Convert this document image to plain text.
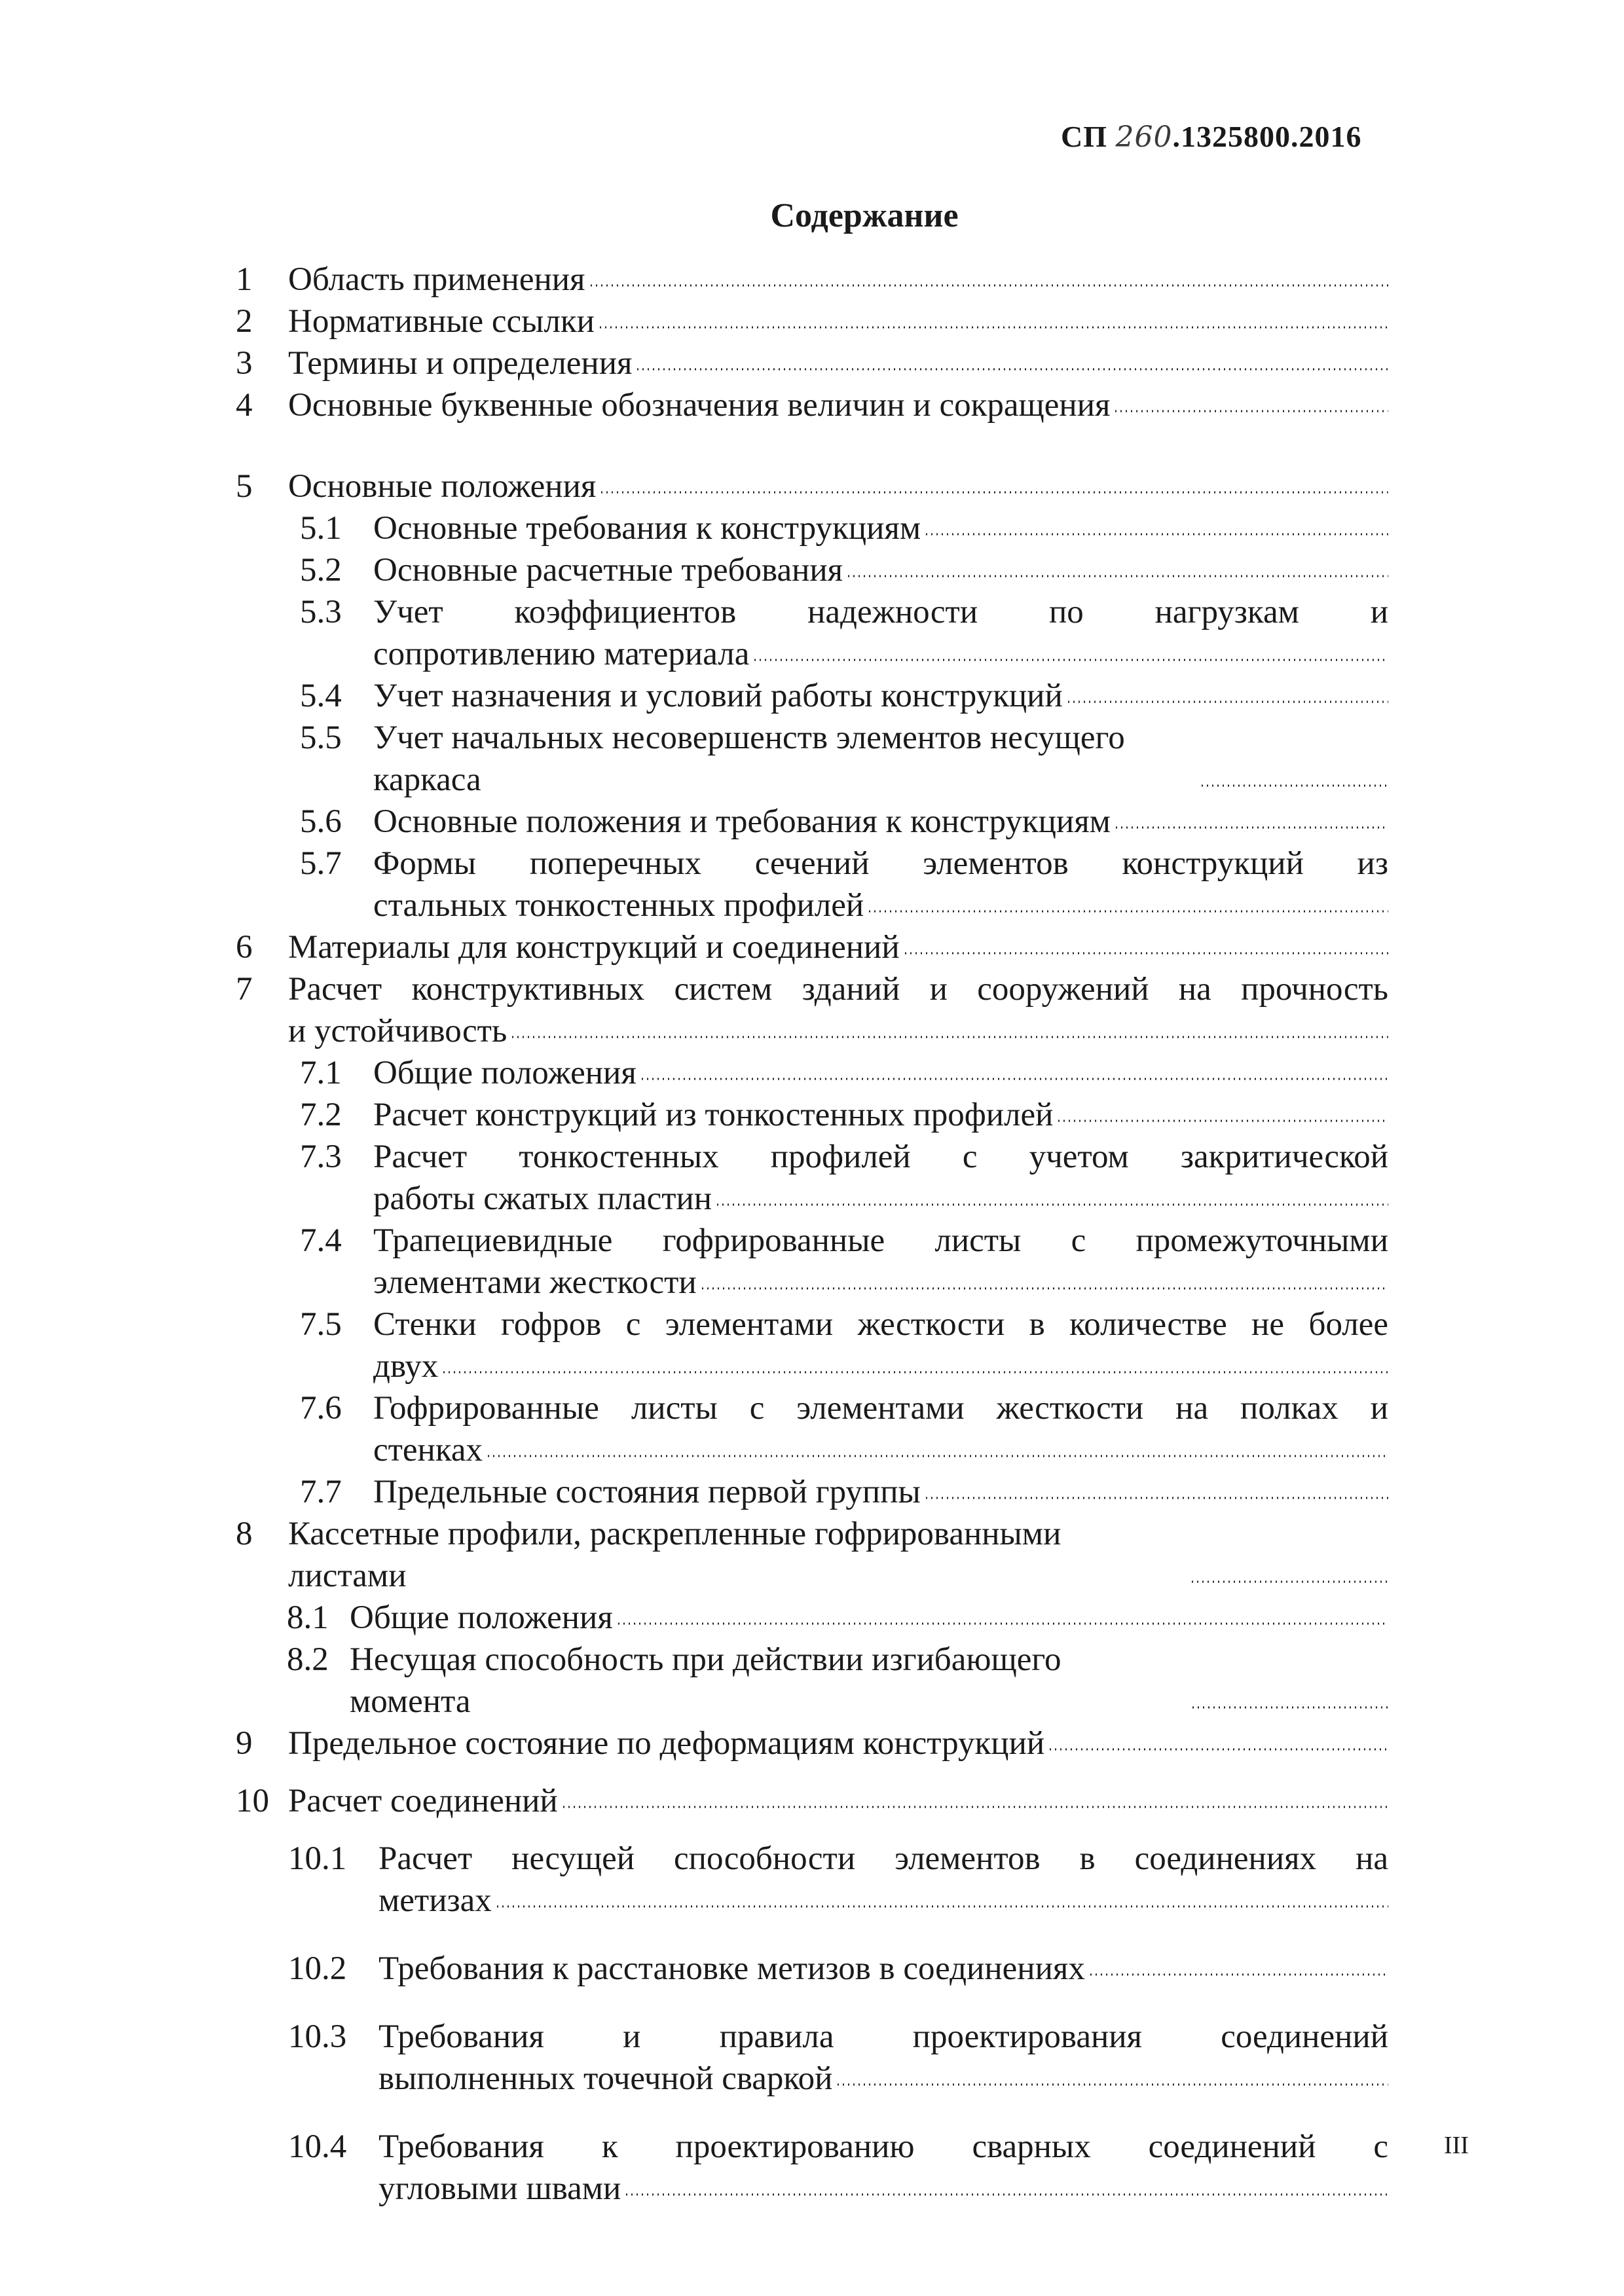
СП 260.1325800.2016
Содержание
1	Область применения
2	Нормативные ссылки
3	Термины и определения
4	Основные буквенные обозначения величин и сокращения
5	Основные положения
5.1 Основные требования к конструкциям
5.2 Основные расчетные требования
5.3 Учет коэффициентов надежности по нагрузкам и
сопротивлению материала
5.4 Учет назначения и условий работы конструкций
5.5 Учет начальных несовершенств элементов несущего каркаса
5.6 Основные положения и требования к конструкциям
5.7 Формы поперечных сечений элементов конструкций из
стальных тонкостенных профилей
6	Материалы для конструкций и соединений
7	Расчет конструктивных систем зданий и сооружений на прочность
и устойчивость
7.1 Общие положения
7.2 Расчет конструкций из тонкостенных профилей
7.3 Расчет тонкостенных профилей с учетом закритической
работы сжатых пластин
7.4 Трапециевидные гофрированные листы с промежуточными
элементами жесткости
7.5 Стенки гофров с элементами жесткости в количестве не более
двух
7.6 Гофрированные листы с элементами жесткости на полках и
стенках
7.7 Предельные состояния первой группы
8	Кассетные профили, раскрепленные гофрированными листами
8.1 Общие положения
8.2 Несущая способность при действии изгибающего момента
9	Предельное состояние по деформациям конструкций
10 Расчет соединений
10.1 Расчет несущей способности элементов в соединениях на
метизах
10.2 Требования к расстановке метизов в соединениях
10.3 Требования и правила проектирования соединений
выполненных точечной сваркой
10.4 Требования к проектированию сварных соединений с
угловыми швами
III
